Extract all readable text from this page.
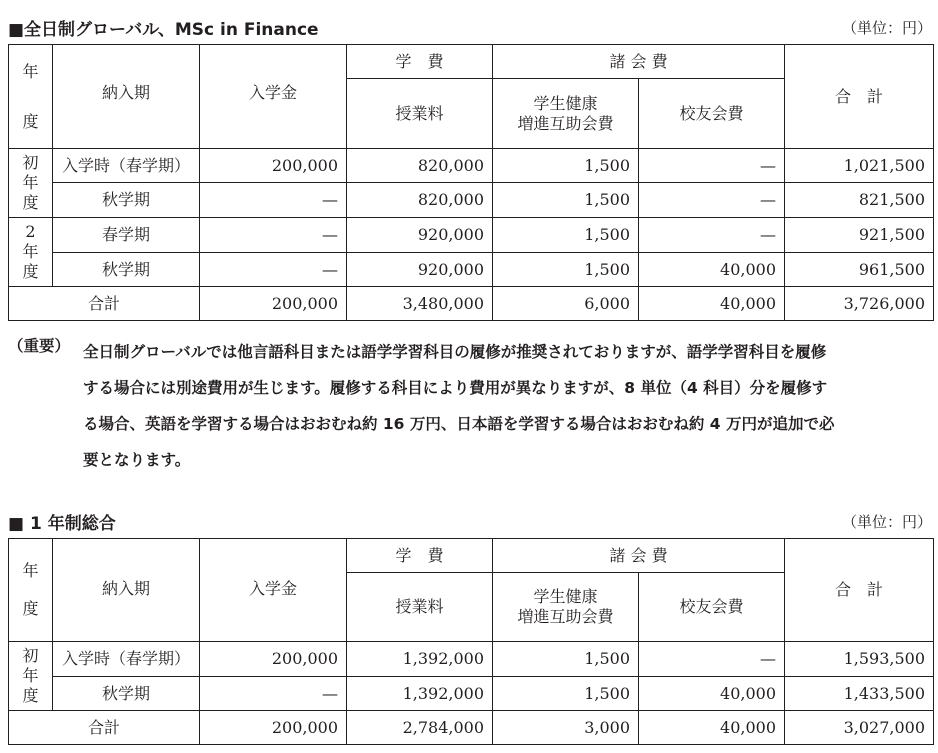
■全日制グローバル、MSc in Finance	（単位：円）
年
度	納入期	入学金	学　費	諸 会 費		合　計
			授業料	学生健康
増進互助会費	校友会費	

初
年
度	入学時（春学期）	200,000	820,000	1,500	—	1,021,500
	秋学期	—	820,000	1,500	—	821,500

2
年
度	春学期	—	920,000	1,500	—	921,500
	秋学期	—	920,000	1,500	40,000	961,500
合計		200,000	3,480,000	6,000	40,000	3,726,000
（重要） 全日制グローバルでは他言語科目または語学学習科目の履修が推奨されておりますが、語学学習科目を履修
する場合には別途費用が生じます。履修する科目により費用が異なりますが、8 単位（4 科目）分を履修す
る場合、英語を学習する場合はおおむね約 16 万円、日本語を学習する場合はおおむね約 4 万円が追加で必
要となります。
■ 1 年制総合	（単位：円）
年
度	納入期	入学金	学　費	諸 会 費		合　計
			授業料	学生健康
増進互助会費	校友会費	

初
年
度	入学時（春学期）	200,000	1,392,000	1,500	—	1,593,500
	秋学期	—	1,392,000	1,500	40,000	1,433,500
合計		200,000	2,784,000	3,000	40,000	3,027,000
